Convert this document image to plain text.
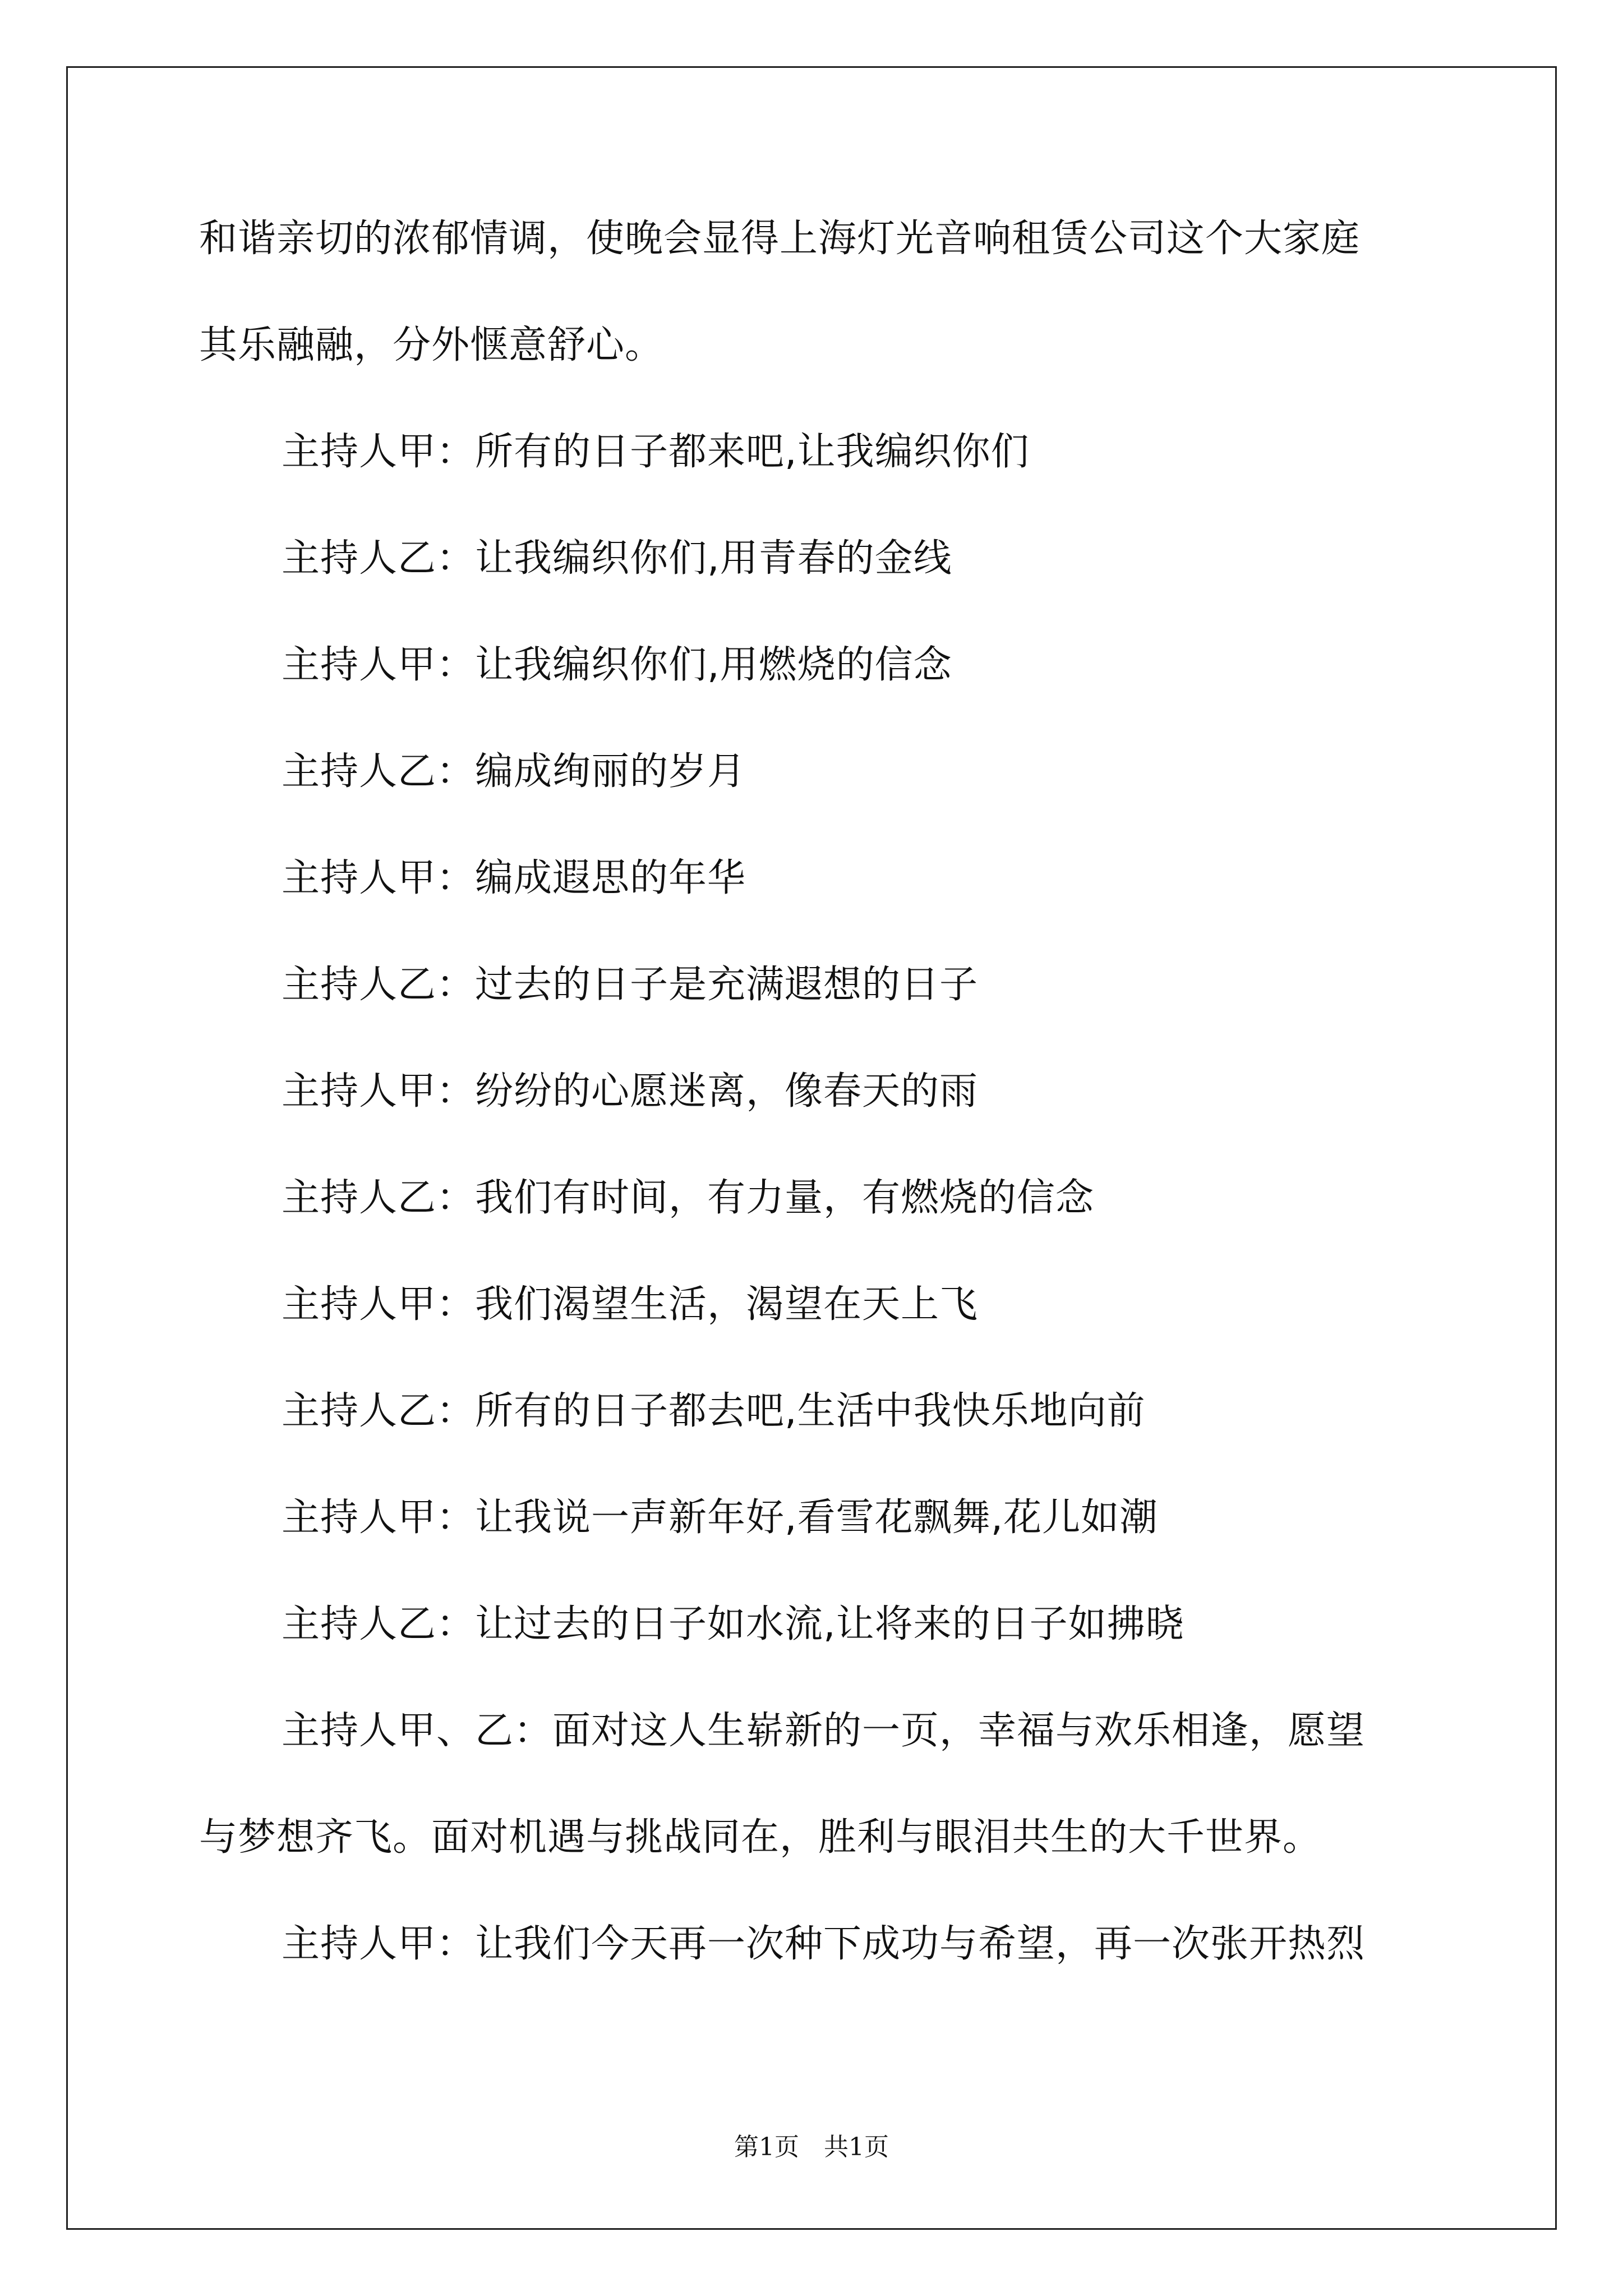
和谐亲切的浓郁情调，使晚会显得上海灯光音响租赁公司这个大家庭

其乐融融，分外惬意舒心。

主持人甲：所有的日子都来吧,让我编织你们

主持人乙：让我编织你们,用青春的金线

主持人甲：让我编织你们,用燃烧的信念

主持人乙：编成绚丽的岁月

主持人甲：编成遐思的年华

主持人乙：过去的日子是充满遐想的日子

主持人甲：纷纷的心愿迷离，像春天的雨

主持人乙：我们有时间，有力量，有燃烧的信念

主持人甲：我们渴望生活，渴望在天上飞

主持人乙：所有的日子都去吧,生活中我快乐地向前

主持人甲：让我说一声新年好,看雪花飘舞,花儿如潮

主持人乙：让过去的日子如水流,让将来的日子如拂晓

主持人甲、乙：面对这人生崭新的一页，幸福与欢乐相逢，愿望

与梦想齐飞。面对机遇与挑战同在，胜利与眼泪共生的大千世界。

主持人甲：让我们今天再一次种下成功与希望，再一次张开热烈

第1页　共1页
